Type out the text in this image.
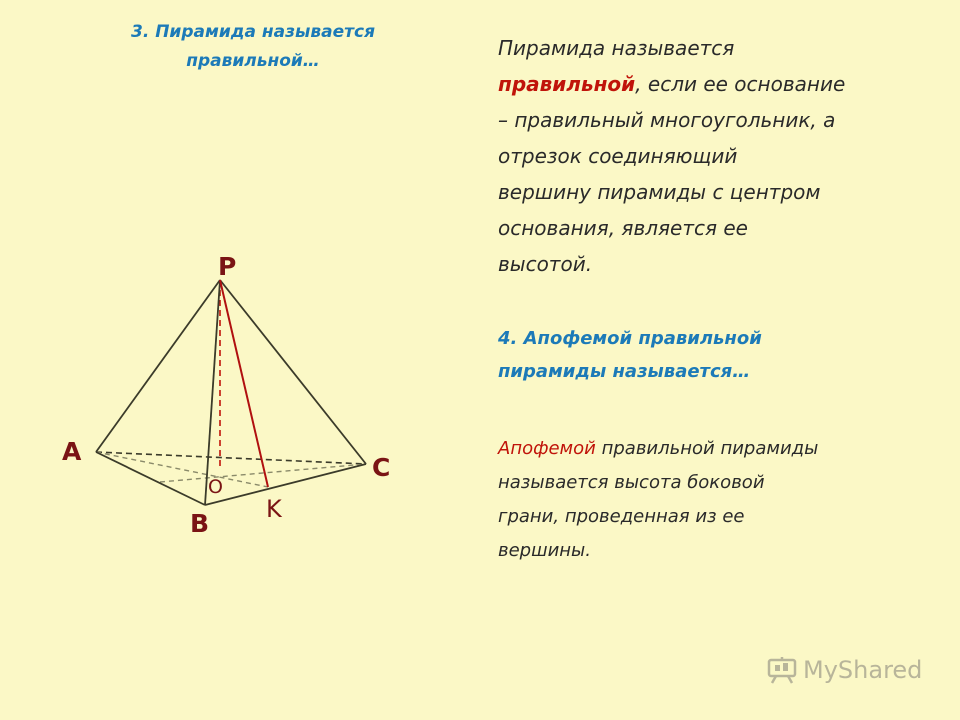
3. Пирамида называется
правильной…
Пирамида называется
правильной, если ее основание
– правильный многоугольник, а
отрезок соединяющий
вершину пирамиды с центром
основания, является ее
высотой.
4. Апофемой правильной
пирамиды называется…
Апофемой правильной пирамиды
называется высота боковой
грани, проведенная из ее
вершины.
P
A
B
C
O
K
MyShared
